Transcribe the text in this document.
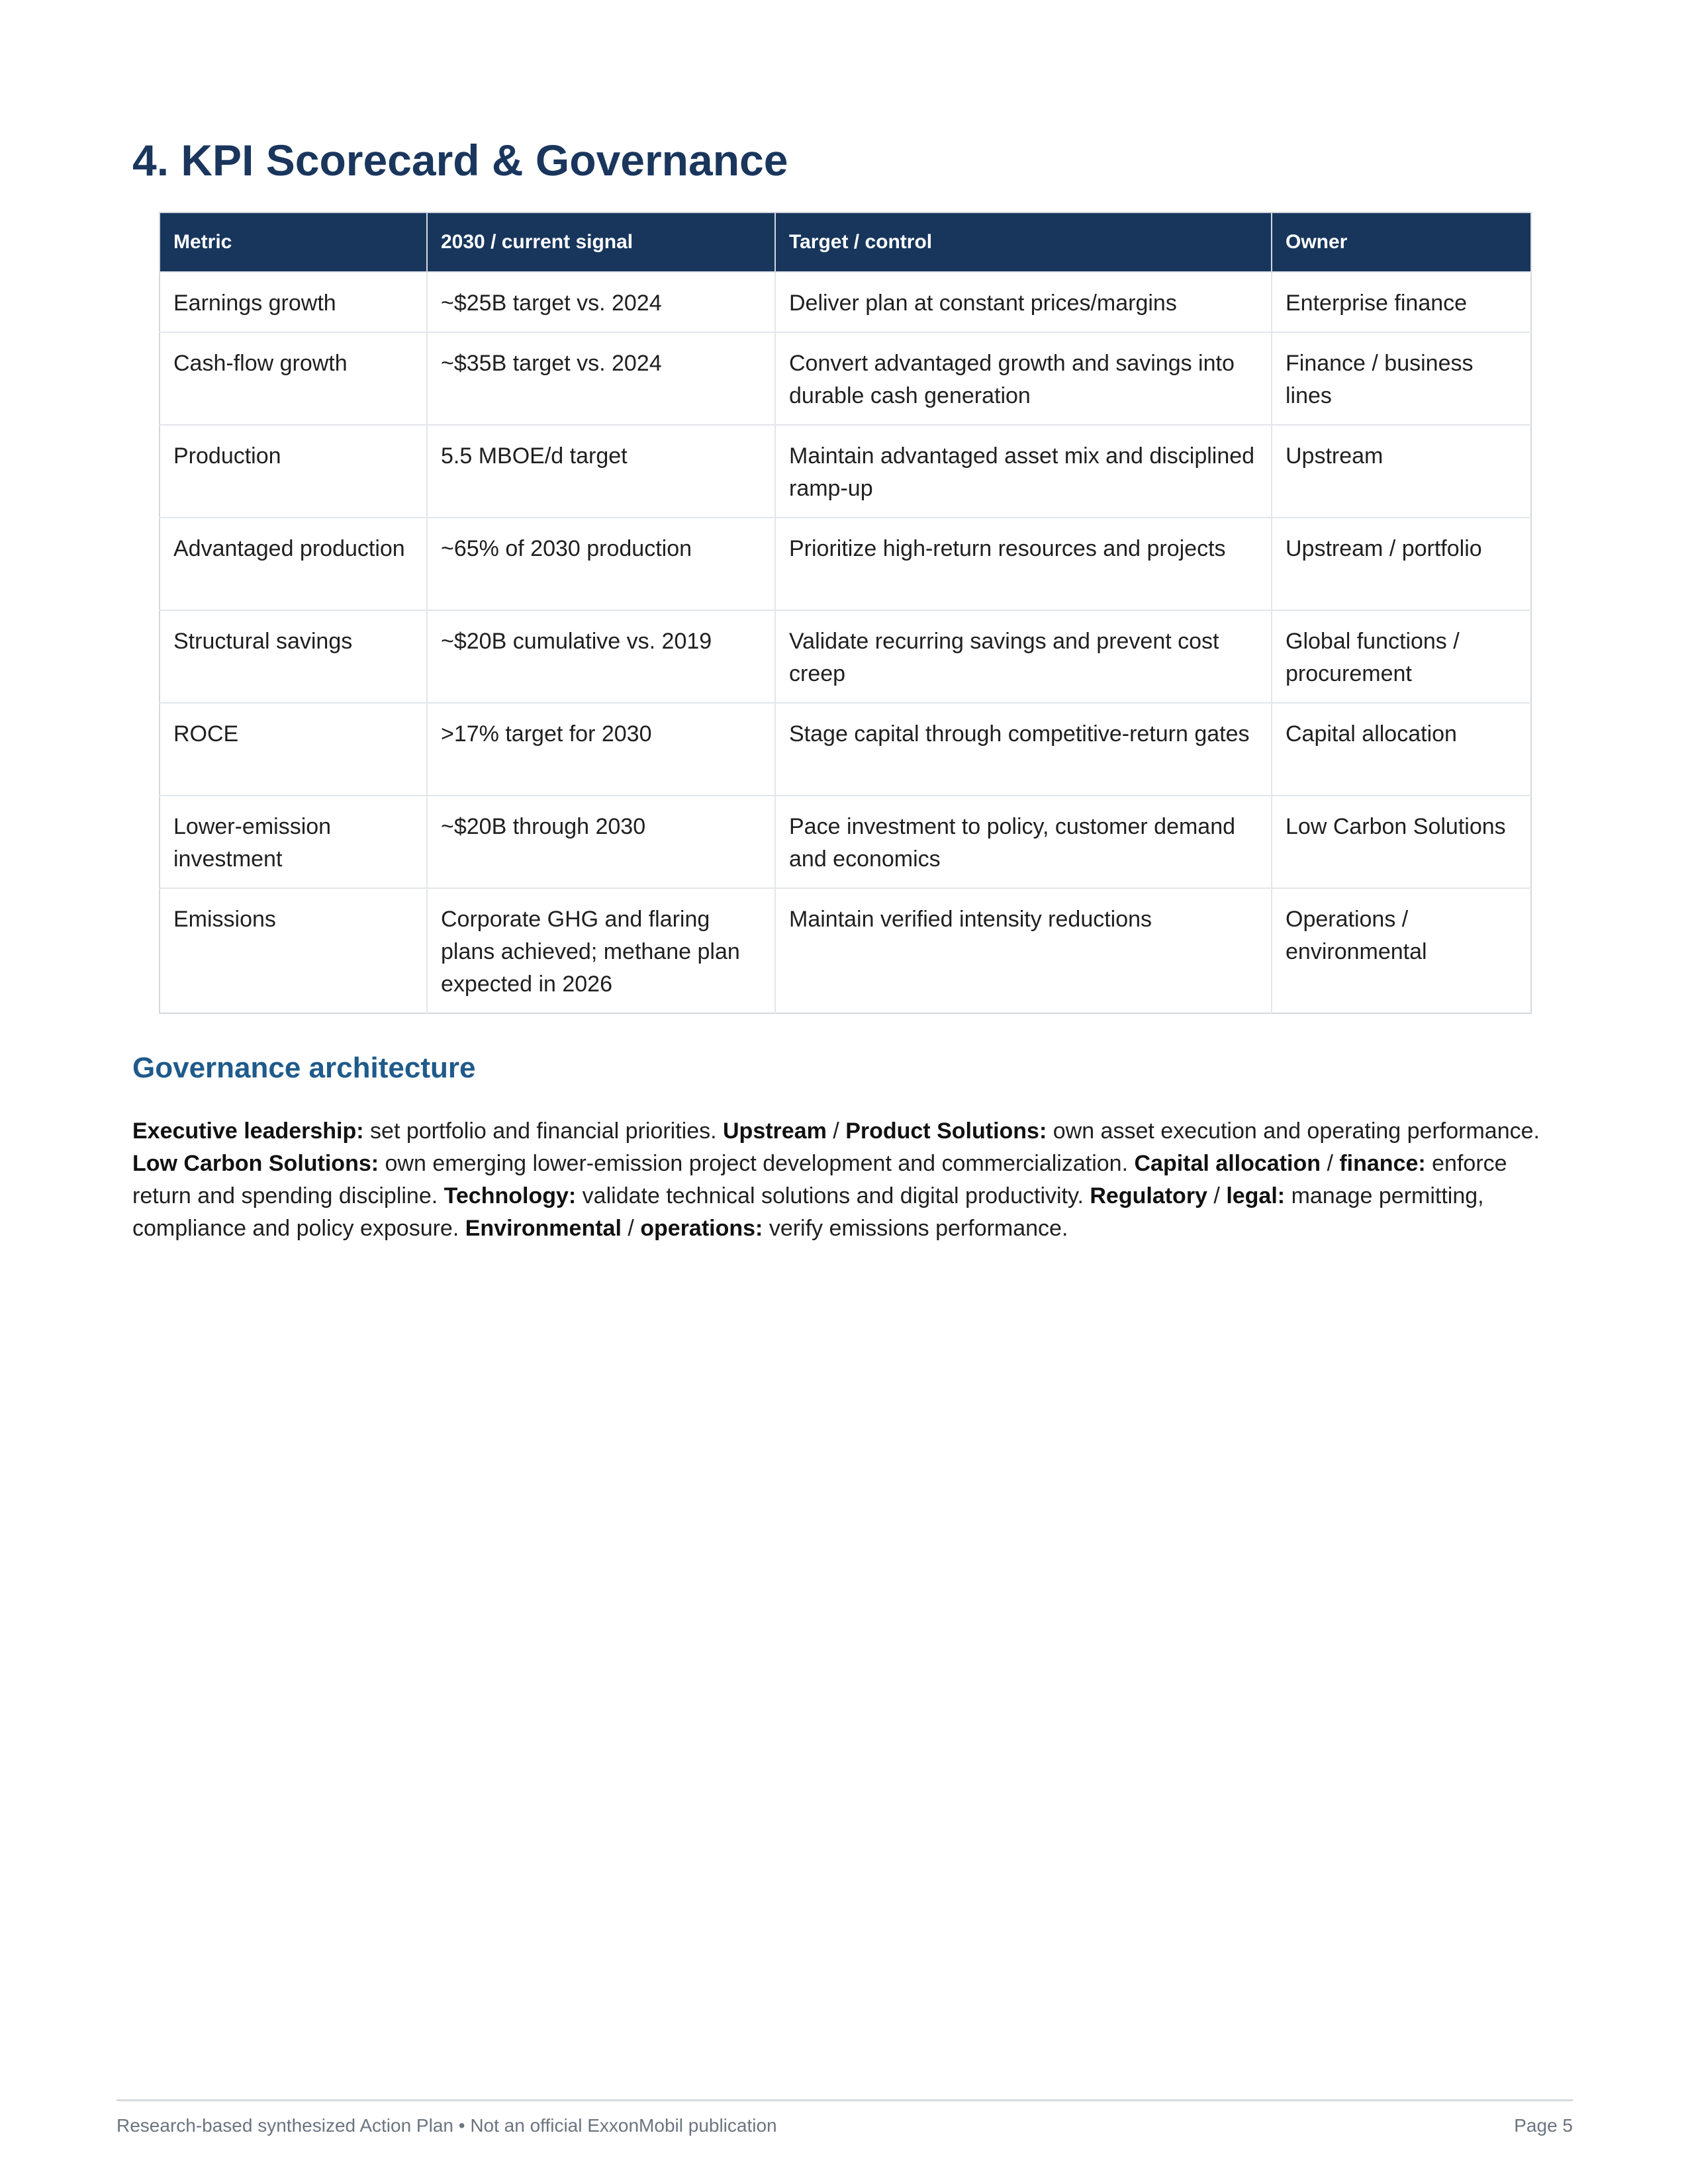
4. KPI Scorecard & Governance
Metric	2030 / current signal	Target / control	Owner
Earnings growth	~$25B target vs. 2024	Deliver plan at constant prices/margins	Enterprise finance
Cash-flow growth	~$35B target vs. 2024	Convert advantaged growth and savings into durable cash generation	Finance / business lines
Production	5.5 MBOE/d target	Maintain advantaged asset mix and disciplined ramp-up	Upstream
Advantaged production	~65% of 2030 production	Prioritize high-return resources and projects	Upstream / portfolio
Structural savings	~$20B cumulative vs. 2019	Validate recurring savings and prevent cost creep	Global functions / procurement
ROCE	>17% target for 2030	Stage capital through competitive-return gates	Capital allocation
Lower-emission investment	~$20B through 2030	Pace investment to policy, customer demand and economics	Low Carbon Solutions
Emissions	Corporate GHG and flaring plans achieved; methane plan expected in 2026	Maintain verified intensity reductions	Operations / environmental
Governance architecture

Executive leadership: set portfolio and financial priorities. Upstream / Product Solutions: own asset execution and operating performance. Low Carbon Solutions: own emerging lower-emission project development and commercialization. Capital allocation / finance: enforce return and spending discipline. Technology: validate technical solutions and digital productivity. Regulatory / legal: manage permitting, compliance and policy exposure. Environmental / operations: verify emissions performance.

Research-based synthesized Action Plan • Not an official ExxonMobil publication	Page 5
